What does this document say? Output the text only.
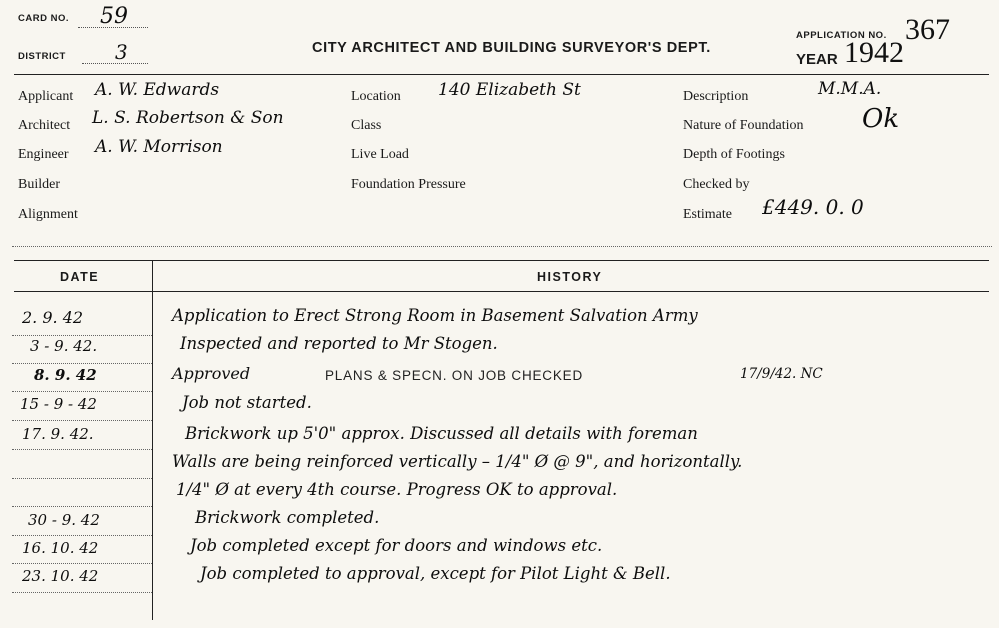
CARD NO. 59
DISTRICT 3	CITY ARCHITECT AND BUILDING SURVEYOR'S DEPT.
APPLICATION NO. 367
YEAR 1942
Applicant A. W. Edwards
Architect L. S. Robertson & Son
Engineer A. W. Morrison
Builder
Alignment
Location 140 Elizabeth St
Class
Live Load
Foundation Pressure
Description	M.M.A.
Nature of Foundation Ok
Depth of Footings
Checked by
Estimate £449. 0. 0
DATE	HISTORY
2. 9. 42	Application to Erect Strong Room in Basement Salvation Army
3 - 9. 42.	Inspected and reported to Mr Stogen.
8. 9. 42	Approved	PLANS & SPECN. ON JOB CHECKED	17/9/42. NC
15 - 9 - 42	Job not started.
17. 9. 42.	Brickwork up 5'0" approx. Discussed all details with foreman
Walls are being reinforced vertically – 1/4" Ø @ 9", and horizontally.
1/4" Ø at every 4th course. Progress OK to approval.
30 - 9. 42	Brickwork completed.
16. 10. 42	Job completed except for doors and windows etc.
23. 10. 42	Job completed to approval, except for Pilot Light & Bell.
